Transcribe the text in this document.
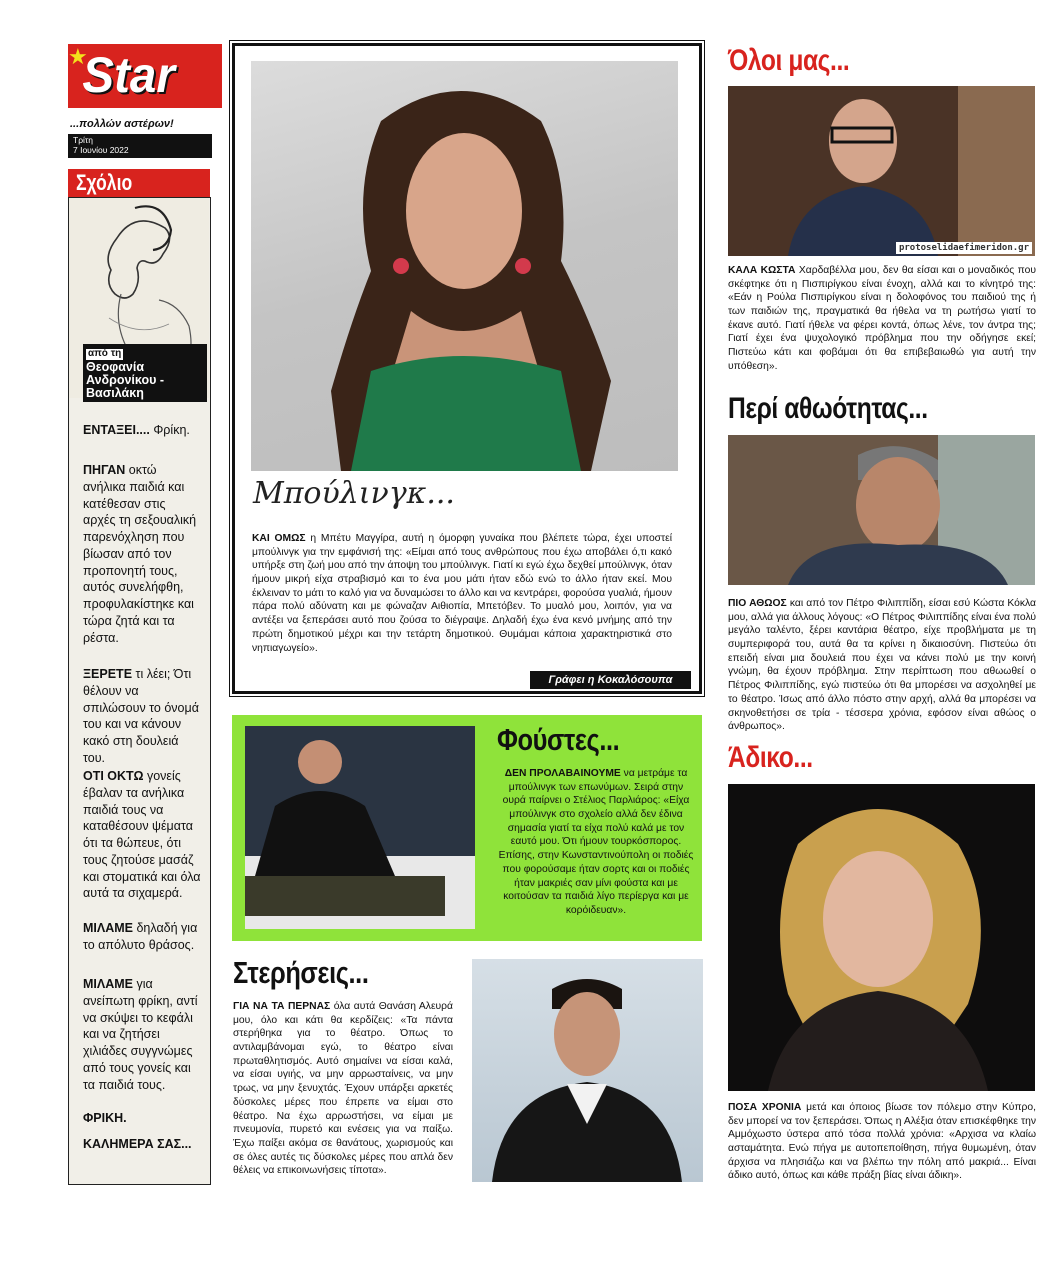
★
Star
...πολλών αστέρων!
Τρίτη
7 Ιουνίου 2022
Σχόλιο
από τη
Θεοφανία Ανδρονίκου - Βασιλάκη
ΕΝΤΑΞΕΙ.... Φρίκη.
ΠΗΓΑΝ οκτώ ανήλικα παιδιά και κατέθεσαν στις αρχές τη σεξουαλική παρενόχληση που βίωσαν από τον προπονητή τους, αυτός συνελήφθη, προφυλακίστηκε και τώρα ζητά και τα ρέστα.
ΞΕΡΕΤΕ τι λέει; Ότι θέλουν να σπιλώσουν το όνομά του και να κάνουν κακό στη δουλειά του.
ΟΤΙ ΟΚΤΩ γονείς έβαλαν τα ανήλικα παιδιά τους να καταθέσουν ψέματα ότι τα θώπευε, ότι τους ζητούσε μασάζ και στοματικά και όλα αυτά τα σιχαμερά.
ΜΙΛΑΜΕ δηλαδή για το απόλυτο θράσος.
ΜΙΛΑΜΕ για ανείπωτη φρίκη, αντί να σκύψει το κεφάλι και να ζητήσει χιλιάδες συγγνώμες από τους γονείς και τα παιδιά τους.
ΦΡΙΚΗ.
ΚΑΛΗΜΕΡΑ ΣΑΣ...
Μπούλινγκ...
ΚΑΙ ΟΜΩΣ η Μπέτυ Μαγγίρα, αυτή η όμορφη γυναίκα που βλέπετε τώρα, έχει υποστεί μπούλινγκ για την εμφάνισή της: «Είμαι από τους ανθρώπους που έχω αποβάλει ό,τι κακό υπήρξε στη ζωή μου από την άποψη του μπούλινγκ. Γιατί κι εγώ έχω δεχθεί μπούλινγκ, όταν ήμουν μικρή είχα στραβισμό και το ένα μου μάτι ήταν εδώ ενώ το άλλο ήταν εκεί. Μου έκλειναν το μάτι το καλό για να δυναμώσει το άλλο και να κεντράρει, φορούσα γυαλιά, ήμουν πάρα πολύ αδύνατη και με φώναζαν Αιθιοπία, Μπετόβεν. Το μυαλό μου, λοιπόν, για να αντέξει να ξεπεράσει αυτό που ζούσα το διέγραψε. Δηλαδή έχω ένα κενό μνήμης από την πρώτη δημοτικού μέχρι και την τετάρτη δημοτικού. Θυμάμαι κάποια χαρακτηριστικά στο νηπιαγωγείο».
Γράφει η Κοκαλόσουπα
Φούστες...
ΔΕΝ ΠΡΟΛΑΒΑΙΝΟΥΜΕ να μετράμε τα μπούλινγκ των επωνύμων. Σειρά στην ουρά παίρνει ο Στέλιος Παρλιάρος: «Είχα μπούλινγκ στο σχολείο αλλά δεν έδινα σημασία γιατί τα είχα πολύ καλά με τον εαυτό μου. Ότι ήμουν τουρκόσπορος. Επίσης, στην Κωνσταντινούπολη οι ποδιές που φορούσαμε ήταν σορτς και οι ποδιές ήταν μακριές σαν μίνι φούστα και με κοιτούσαν τα παιδιά λίγο περίεργα και με κορόιδευαν».
Στερήσεις...
ΓΙΑ ΝΑ ΤΑ ΠΕΡΝΑΣ όλα αυτά Θανάση Αλευρά μου, όλο και κάτι θα κερδίζεις: «Τα πάντα στερήθηκα για το θέατρο. Όπως το αντιλαμβάνομαι εγώ, το θέατρο είναι πρωταθλητισμός. Αυτό σημαίνει να είσαι καλά, να είσαι υγιής, να μην αρρωσταίνεις, να μην τρως, να μην ξενυχτάς. Έχουν υπάρξει αρκετές δύσκολες μέρες που έπρεπε να είμαι στο θέατρο. Να έχω αρρωστήσει, να είμαι με πνευμονία, πυρετό και ενέσεις για να παίξω. Έχω παίξει ακόμα σε θανάτους, χωρισμούς και σε όλες αυτές τις δύσκολες μέρες που απλά δεν θέλεις να επικοινωνήσεις τίποτα».
Όλοι μας...
protoselidaefimeridon.gr
ΚΑΛΑ ΚΩΣΤΑ Χαρδαβέλλα μου, δεν θα είσαι και ο μοναδικός που σκέφτηκε ότι η Πισπιρίγκου είναι ένοχη, αλλά και το κίνητρό της: «Εάν η Ρούλα Πισπιρίγκου είναι η δολοφόνος του παιδιού της ή των παιδιών της, πραγματικά θα ήθελα να τη ρωτήσω γιατί το έκανε αυτό. Γιατί ήθελε να φέρει κοντά, όπως λένε, τον άντρα της; Γιατί έχει ένα ψυχολογικό πρόβλημα που την οδήγησε εκεί; Πιστεύω κάτι και φοβάμαι ότι θα επιβεβαιωθώ για αυτή την υπόθεση».
Περί αθωότητας...
ΠΙΟ ΑΘΩΟΣ και από τον Πέτρο Φιλιππίδη, είσαι εσύ Κώστα Κόκλα μου, αλλά για άλλους λόγους: «Ο Πέτρος Φιλιππίδης είναι ένα πολύ μεγάλο ταλέντο, ξέρει καντάρια θέατρο, είχε προβλήματα με τη συμπεριφορά του, αυτά θα τα κρίνει η δικαιοσύνη. Πιστεύω ότι επειδή είναι μια δουλειά που έχει να κάνει πολύ με την κοινή γνώμη, θα έχουν πρόβλημα. Στην περίπτωση που αθωωθεί ο Πέτρος Φιλιππίδης, εγώ πιστεύω ότι θα μπορέσει να ασχοληθεί με το θέατρο. Ίσως από άλλο πόστο στην αρχή, αλλά θα μπορέσει να σκηνοθετήσει σε τρία - τέσσερα χρόνια, εφόσον είναι αθώος ο άνθρωπος».
Άδικο...
ΠΟΣΑ ΧΡΟΝΙΑ μετά και όποιος βίωσε τον πόλεμο στην Κύπρο, δεν μπορεί να τον ξεπεράσει. Όπως η Αλέξια όταν επισκέφθηκε την Αμμόχωστο ύστερα από τόσα πολλά χρόνια: «Αρχισα να κλαίω ασταμάτητα. Ενώ πήγα με αυτοπεποίθηση, πήγα θυμωμένη, όταν άρχισα να πλησιάζω και να βλέπω την πόλη από μακριά... Είναι άδικο αυτό, όπως και κάθε πράξη βίας είναι άδικη».
